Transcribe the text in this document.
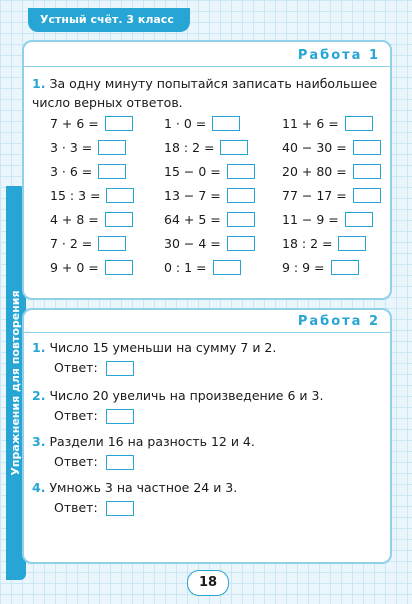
Устный счёт. 3 класс
Упражнения для повторения
Работа 1
1. За одну минуту попытайся записать наибольшее число верных ответов.
7 + 6 =	1 · 0 =	11 + 6 =
3 · 3 =	18 : 2 =	40 − 30 =
3 · 6 =	15 − 0 =	20 + 80 =
15 : 3 =	13 − 7 =	77 − 17 =
4 + 8 =	64 + 5 =	11 − 9 =
7 · 2 =	30 − 4 =	18 : 2 =
9 + 0 =	0 : 1 =	9 : 9 =
Работа 2
1. Число 15 уменьши на сумму 7 и 2.
Ответ:
2. Число 20 увеличь на произведение 6 и 3.
Ответ:
3. Раздели 16 на разность 12 и 4.
Ответ:
4. Умножь 3 на частное 24 и 3.
Ответ:
18
